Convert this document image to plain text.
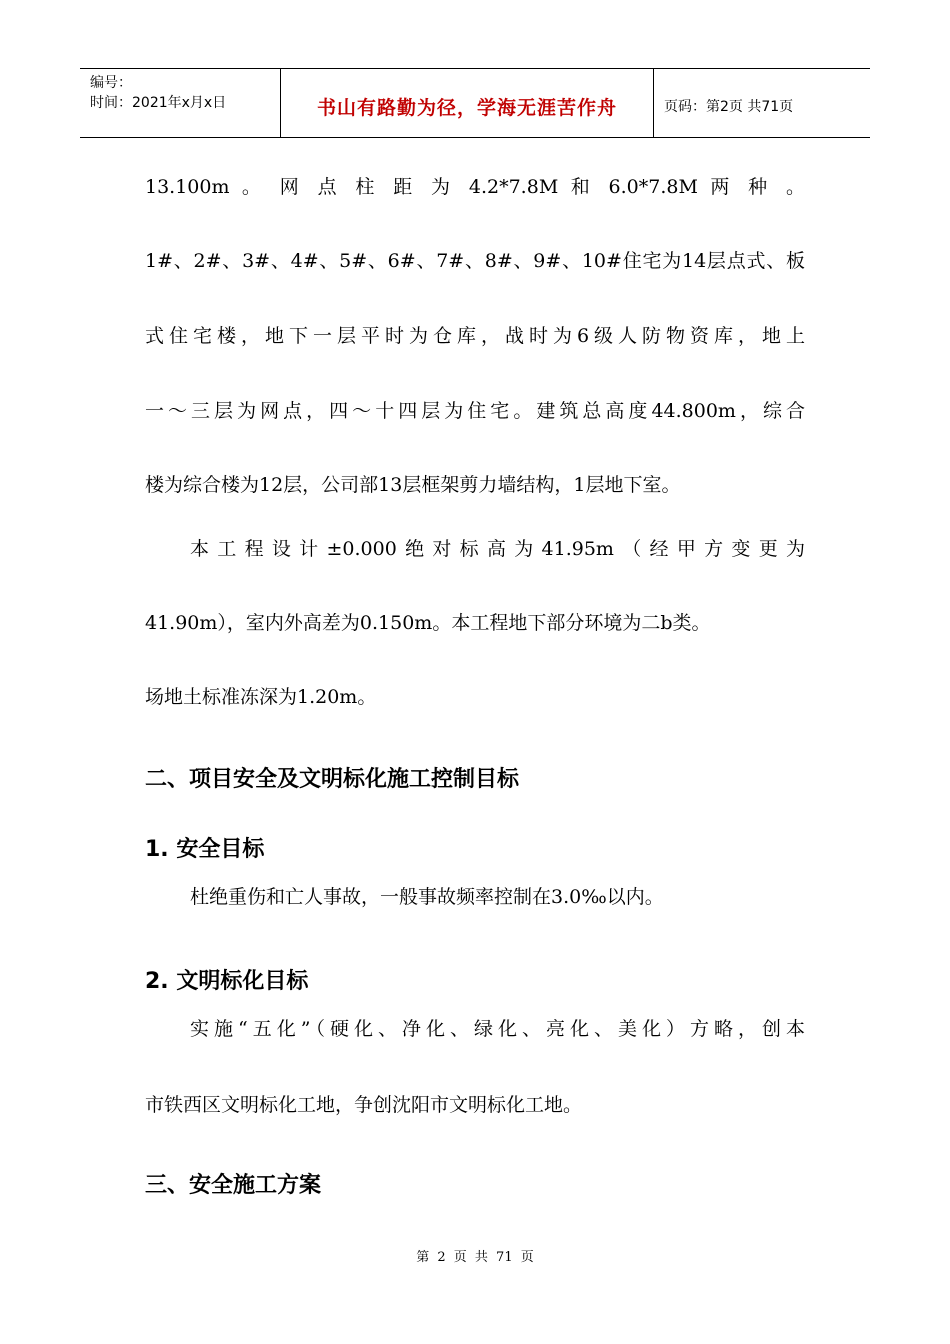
编号：
时间：2021年x月x日	书山有路勤为径，学海无涯苦作舟	页码：第2页 共71页
13.100m 。 网 点 柱 距 为 4.2*7.8M 和 6.0*7.8M 两 种 。
1#、2#、3#、4#、5#、6#、7#、8#、9#、10#住宅为14层点式、板
式住宅楼，地下一层平时为仓库，战时为6级人防物资库，地上
一～三层为网点，四～十四层为住宅。建筑总高度44.800m，综合
楼为综合楼为12层，公司部13层框架剪力墙结构，1层地下室。
本工程设计±0.000绝对标高为41.95m（经甲方变更为
41.90m），室内外高差为0.150m。本工程地下部分环境为二b类。
场地土标准冻深为1.20m。
二、项目安全及文明标化施工控制目标
1. 安全目标
杜绝重伤和亡人事故，一般事故频率控制在3.0‰以内。
2. 文明标化目标
实施“五化”（硬化、净化、绿化、亮化、美化）方略，创本
市铁西区文明标化工地，争创沈阳市文明标化工地。
三、安全施工方案
第 2 页 共 71 页
